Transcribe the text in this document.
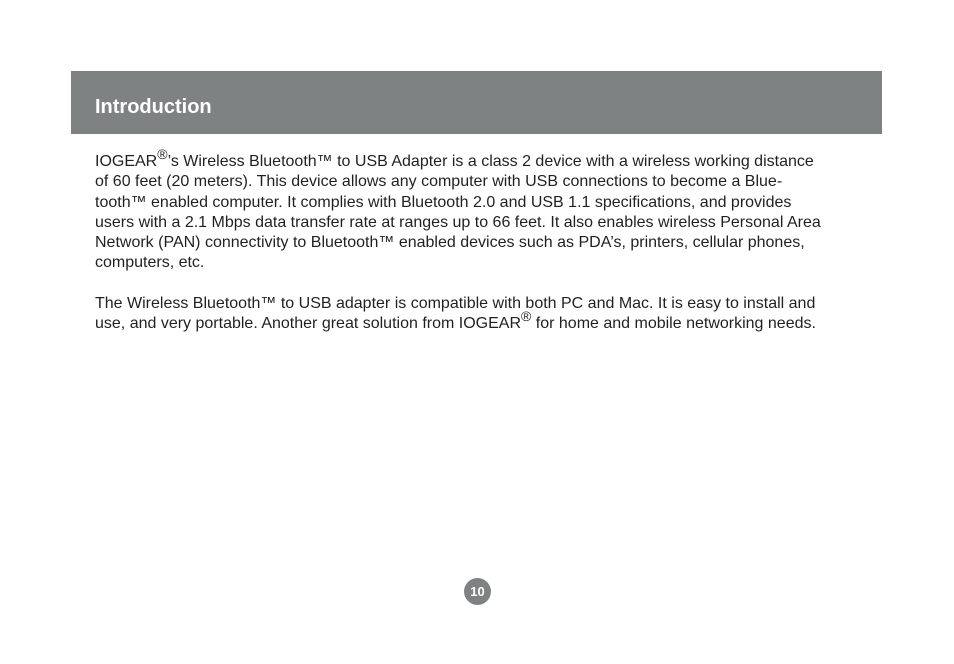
Introduction
IOGEAR®’s Wireless Bluetooth™ to USB Adapter is a class 2 device with a wireless working distance
of 60 feet (20 meters). This device allows any computer with USB connections to become a Blue-
tooth™ enabled computer. It complies with Bluetooth 2.0 and USB 1.1 specifications, and provides
users with a 2.1 Mbps data transfer rate at ranges up to 66 feet. It also enables wireless Personal Area
Network (PAN) connectivity to Bluetooth™ enabled devices such as PDA’s, printers, cellular phones,
computers, etc.
The Wireless Bluetooth™ to USB adapter is compatible with both PC and Mac. It is easy to install and
use, and very portable. Another great solution from IOGEAR® for home and mobile networking needs.
10
